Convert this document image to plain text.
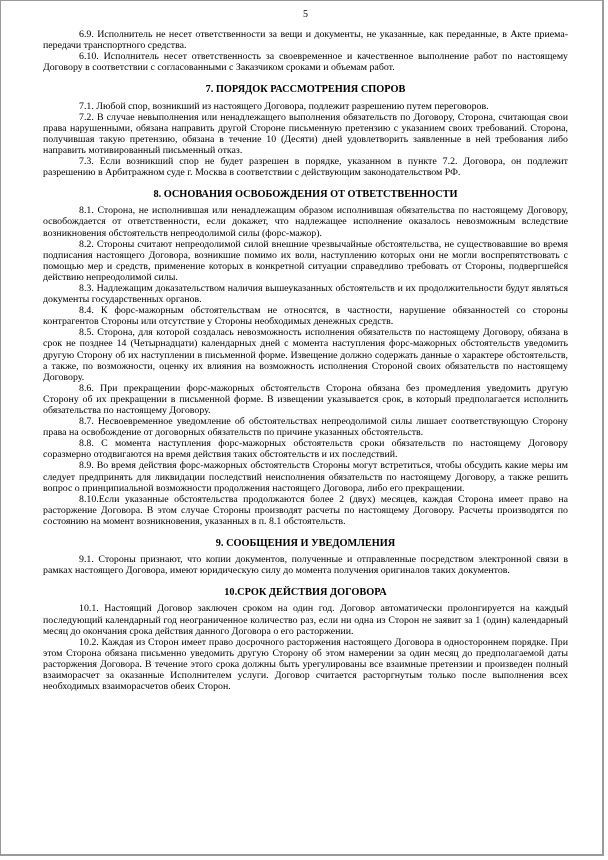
5

6.9. Исполнитель не несет ответственности за вещи и документы, не указанные, как переданные, в Акте приема-передачи транспортного средства.

6.10. Исполнитель несет ответственность за своевременное и качественное выполнение работ по настоящему Договору в соответствии с согласованными с Заказчиком сроками и объемам работ.

7. ПОРЯДОК РАССМОТРЕНИЯ СПОРОВ

7.1. Любой спор, возникший из настоящего Договора, подлежит разрешению путем переговоров.

7.2. В случае невыполнения или ненадлежащего выполнения обязательств по Договору, Сторона, считающая свои права нарушенными, обязана направить другой Стороне письменную претензию с указанием своих требований. Сторона, получившая такую претензию, обязана в течение 10 (Десяти) дней удовлетворить заявленные в ней требования либо направить мотивированный письменный отказ.

7.3. Если возникший спор не будет разрешен в порядке, указанном в пункте 7.2. Договора, он подлежит разрешению в Арбитражном суде г. Москва в соответствии с действующим законодательством РФ.

8. ОСНОВАНИЯ ОСВОБОЖДЕНИЯ ОТ ОТВЕТСТВЕННОСТИ

8.1. Сторона, не исполнившая или ненадлежащим образом исполнившая обязательства по настоящему Договору, освобождается от ответственности, если докажет, что надлежащее исполнение оказалось невозможным вследствие возникновения обстоятельств непреодолимой силы (форс-мажор).

8.2. Стороны считают непреодолимой силой внешние чрезвычайные обстоятельства, не существовавшие во время подписания настоящего Договора, возникшие помимо их воли, наступлению которых они не могли воспрепятствовать с помощью мер и средств, применение которых в конкретной ситуации справедливо требовать от Стороны, подвергшейся действию непреодолимой силы.

8.3. Надлежащим доказательством наличия вышеуказанных обстоятельств и их продолжительности будут являться документы государственных органов.

8.4. К форс-мажорным обстоятельствам не относятся, в частности, нарушение обязанностей со стороны контрагентов Стороны или отсутствие у Стороны необходимых денежных средств.

8.5. Сторона, для которой создалась невозможность исполнения обязательств по настоящему Договору, обязана в срок не позднее 14 (Четырнадцати) календарных дней с момента наступления форс-мажорных обстоятельств уведомить другую Сторону об их наступлении в письменной форме. Извещение должно содержать данные о характере обстоятельств, а также, по возможности, оценку их влияния на возможность исполнения Стороной своих обязательств по настоящему Договору.

8.6. При прекращении форс-мажорных обстоятельств Сторона обязана без промедления уведомить другую Сторону об их прекращении в письменной форме. В извещении указывается срок, в который предполагается исполнить обязательства по настоящему Договору.

8.7. Несвоевременное уведомление об обстоятельствах непреодолимой силы лишает соответствующую Сторону права на освобождение от договорных обязательств по причине указанных обстоятельств.

8.8. С момента наступления форс-мажорных обстоятельств сроки обязательств по настоящему Договору соразмерно отодвигаются на время действия таких обстоятельств и их последствий.

8.9. Во время действия форс-мажорных обстоятельств Стороны могут встретиться, чтобы обсудить какие меры им следует предпринять для ликвидации последствий неисполнения обязательств по настоящему Договору, а также решить вопрос о принципиальной возможности продолжения настоящего Договора, либо его прекращении.

8.10.Если указанные обстоятельства продолжаются более 2 (двух) месяцев, каждая Сторона имеет право на расторжение Договора. В этом случае Стороны производят расчеты по настоящему Договору. Расчеты производятся по состоянию на момент возникновения, указанных в п. 8.1 обстоятельств.

9. СООБЩЕНИЯ И УВЕДОМЛЕНИЯ

9.1. Стороны признают, что копии документов, полученные и отправленные посредством электронной связи в рамках настоящего Договора, имеют юридическую силу до момента получения оригиналов таких документов.

10.СРОК ДЕЙСТВИЯ ДОГОВОРА

10.1. Настоящий Договор заключен сроком на один год. Договор автоматически пролонгируется на каждый последующий календарный год неограниченное количество раз, если ни одна из Сторон не заявит за 1 (один) календарный месяц до окончания срока действия данного Договора о его расторжении.

10.2. Каждая из Сторон имеет право досрочного расторжения настоящего Договора в одностороннем порядке. При этом Сторона обязана письменно уведомить другую Сторону об этом намерении за один месяц до предполагаемой даты расторжения Договора. В течение этого срока должны быть урегулированы все взаимные претензии и произведен полный взаиморасчет за оказанные Исполнителем услуги. Договор считается расторгнутым только после выполнения всех необходимых взаиморасчетов обеих Сторон.
